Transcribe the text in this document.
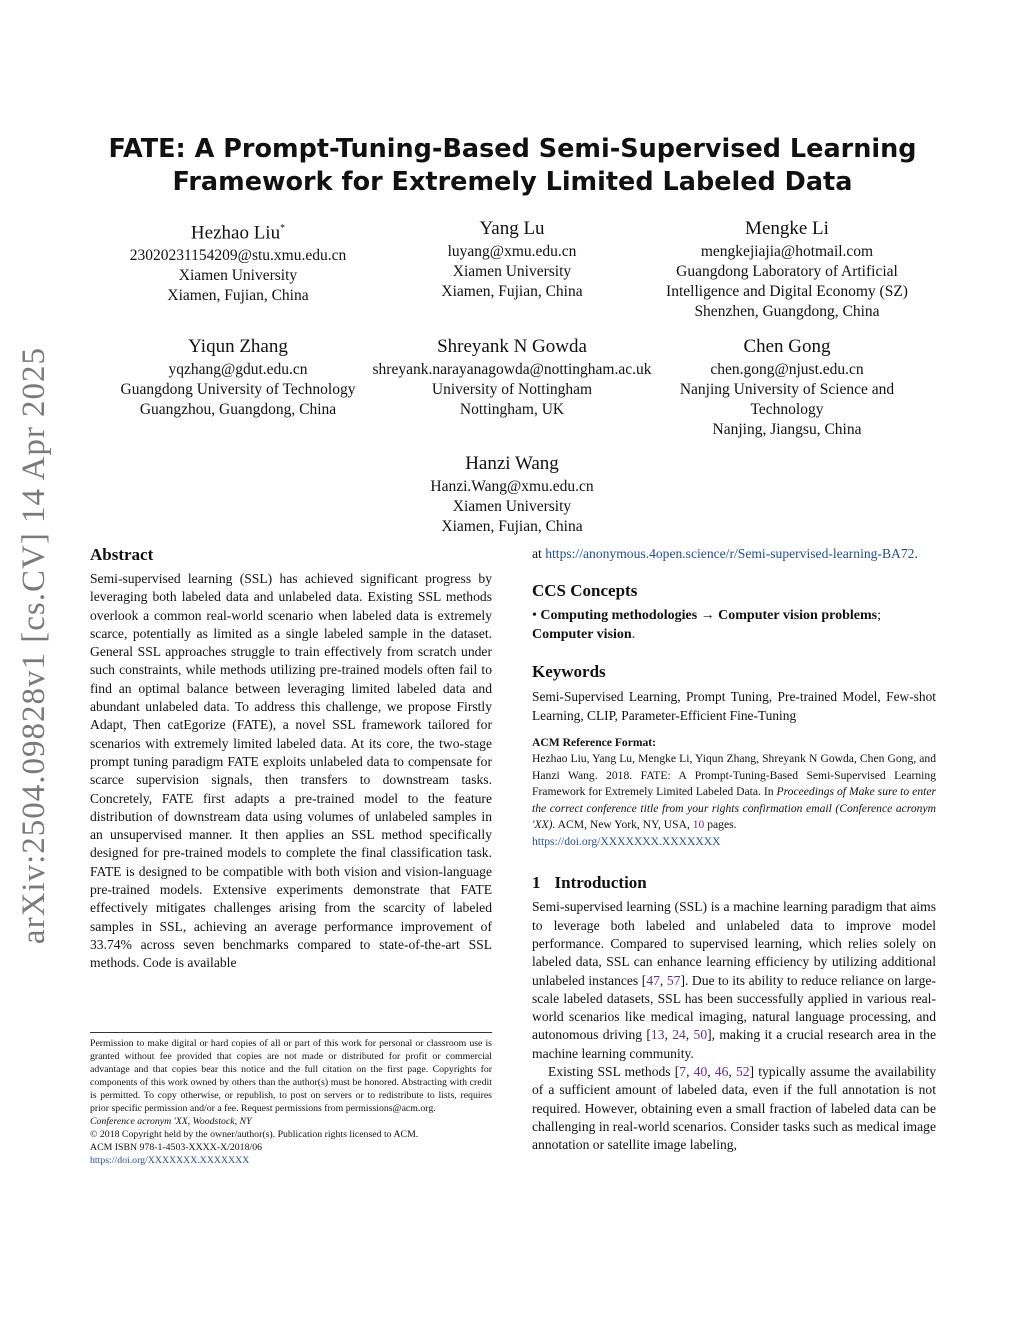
arXiv:2504.09828v1 [cs.CV] 14 Apr 2025
FATE: A Prompt-Tuning-Based Semi-Supervised Learning
Framework for Extremely Limited Labeled Data
Hezhao Liu*
23020231154209@stu.xmu.edu.cn
Xiamen University
Xiamen, Fujian, China
Yang Lu
luyang@xmu.edu.cn
Xiamen University
Xiamen, Fujian, China
Mengke Li
mengkejiajia@hotmail.com
Guangdong Laboratory of Artificial
Intelligence and Digital Economy (SZ)
Shenzhen, Guangdong, China
Yiqun Zhang
yqzhang@gdut.edu.cn
Guangdong University of Technology
Guangzhou, Guangdong, China
Shreyank N Gowda
shreyank.narayanagowda@nottingham.ac.uk
University of Nottingham
Nottingham, UK
Chen Gong
chen.gong@njust.edu.cn
Nanjing University of Science and
Technology
Nanjing, Jiangsu, China
Hanzi Wang
Hanzi.Wang@xmu.edu.cn
Xiamen University
Xiamen, Fujian, China
Abstract

Semi-supervised learning (SSL) has achieved significant progress by leveraging both labeled data and unlabeled data. Existing SSL methods overlook a common real-world scenario when labeled data is extremely scarce, potentially as limited as a single labeled sample in the dataset. General SSL approaches struggle to train effectively from scratch under such constraints, while methods utilizing pre-trained models often fail to find an optimal balance between leveraging limited labeled data and abundant unlabeled data. To address this challenge, we propose Firstly Adapt, Then catEgorize (FATE), a novel SSL framework tailored for scenarios with extremely limited labeled data. At its core, the two-stage prompt tuning paradigm FATE exploits unlabeled data to compensate for scarce supervision signals, then transfers to downstream tasks. Concretely, FATE first adapts a pre-trained model to the feature distribution of downstream data using volumes of unlabeled samples in an unsupervised manner. It then applies an SSL method specifically designed for pre-trained models to complete the final classification task. FATE is designed to be compatible with both vision and vision-language pre-trained models. Extensive experiments demonstrate that FATE effectively mitigates challenges arising from the scarcity of labeled samples in SSL, achieving an average performance improvement of 33.74% across seven benchmarks compared to state-of-the-art SSL methods. Code is available

at https://anonymous.4open.science/r/Semi-supervised-learning-BA72.

CCS Concepts

• Computing methodologies → Computer vision problems;
Computer vision.

Keywords

Semi-Supervised Learning, Prompt Tuning, Pre-trained Model, Few-shot Learning, CLIP, Parameter-Efficient Fine-Tuning

ACM Reference Format:

Hezhao Liu, Yang Lu, Mengke Li, Yiqun Zhang, Shreyank N Gowda, Chen Gong, and Hanzi Wang. 2018. FATE: A Prompt-Tuning-Based Semi-Supervised Learning Framework for Extremely Limited Labeled Data. In Proceedings of Make sure to enter the correct conference title from your rights confirmation email (Conference acronym 'XX). ACM, New York, NY, USA, 10 pages.
https://doi.org/XXXXXXX.XXXXXXX

1 Introduction

Semi-supervised learning (SSL) is a machine learning paradigm that aims to leverage both labeled and unlabeled data to improve model performance. Compared to supervised learning, which relies solely on labeled data, SSL can enhance learning efficiency by utilizing additional unlabeled instances [47, 57]. Due to its ability to reduce reliance on large-scale labeled datasets, SSL has been successfully applied in various real-world scenarios like medical imaging, natural language processing, and autonomous driving [13, 24, 50], making it a crucial research area in the machine learning community.

Existing SSL methods [7, 40, 46, 52] typically assume the availability of a sufficient amount of labeled data, even if the full annotation is not required. However, obtaining even a small fraction of labeled data can be challenging in real-world scenarios. Consider tasks such as medical image annotation or satellite image labeling,

Permission to make digital or hard copies of all or part of this work for personal or classroom use is granted without fee provided that copies are not made or distributed for profit or commercial advantage and that copies bear this notice and the full citation on the first page. Copyrights for components of this work owned by others than the author(s) must be honored. Abstracting with credit is permitted. To copy otherwise, or republish, to post on servers or to redistribute to lists, requires prior specific permission and/or a fee. Request permissions from permissions@acm.org.

Conference acronym 'XX, Woodstock, NY

© 2018 Copyright held by the owner/author(s). Publication rights licensed to ACM.

ACM ISBN 978-1-4503-XXXX-X/2018/06

https://doi.org/XXXXXXX.XXXXXXX
